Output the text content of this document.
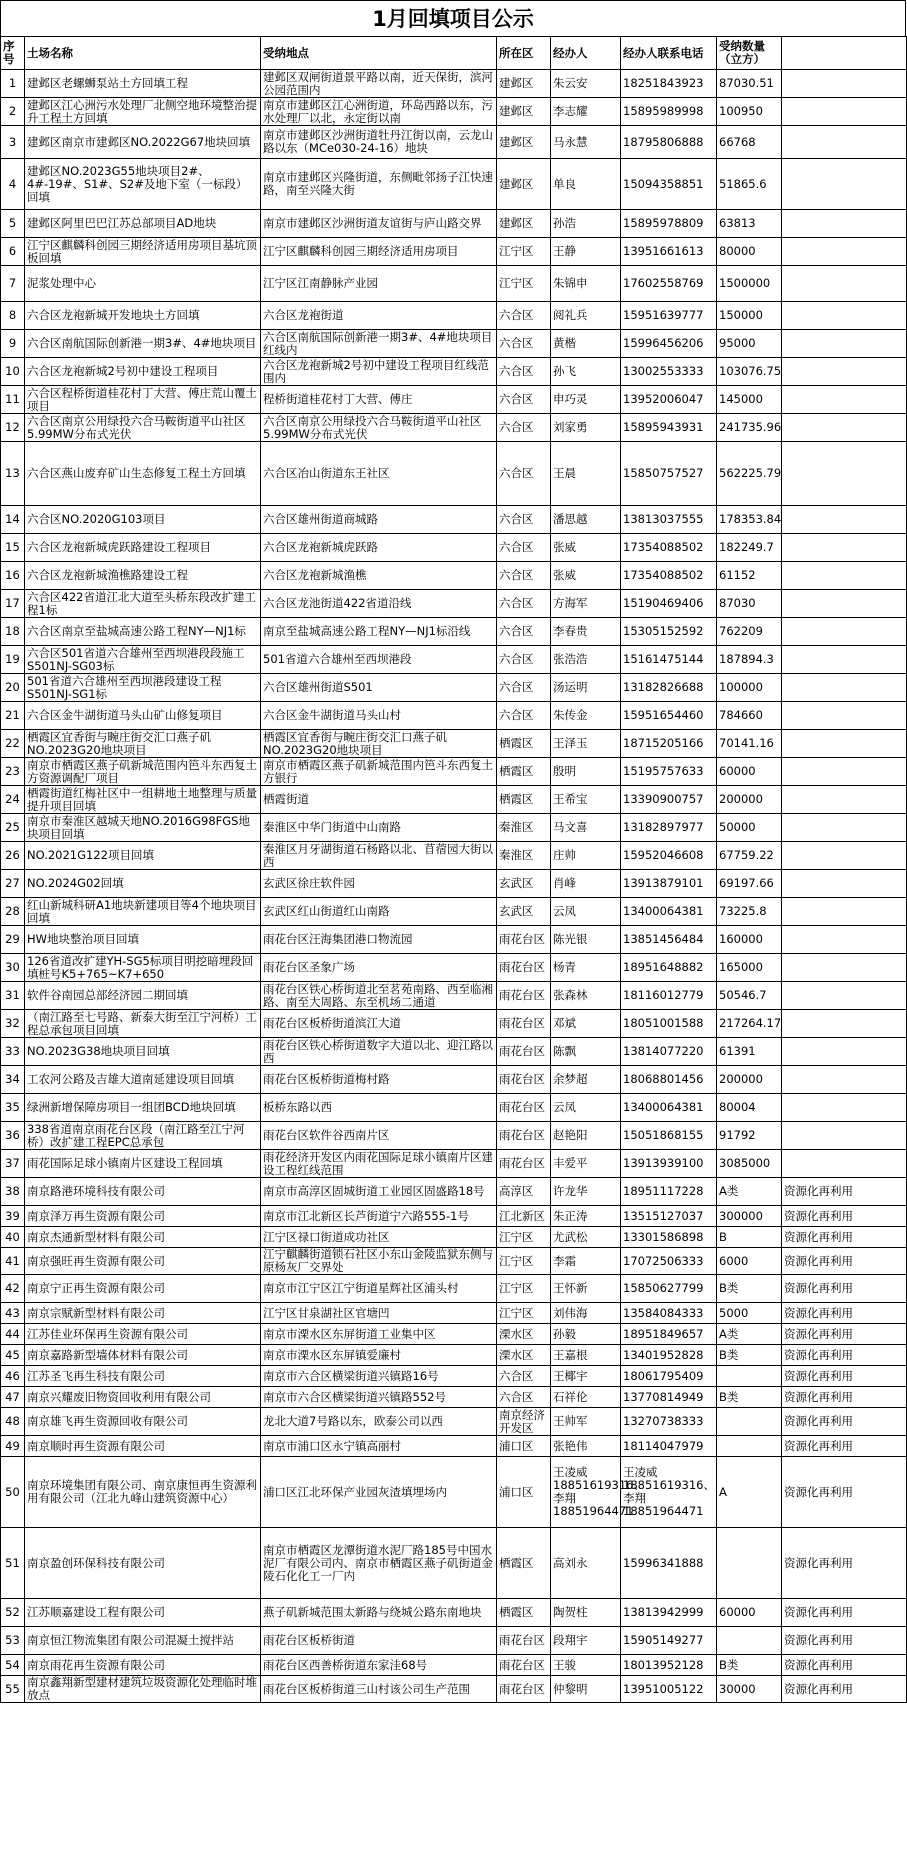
1月回填项目公示
序号	土场名称	受纳地点	所在区	经办人	经办人联系电话	受纳数量（立方）	
1	建邺区老螺蛳泵站土方回填工程	建邺区双闸街道景平路以南，近天保街，滨河公园范围内	建邺区	朱云安	18251843923	87030.51	
2	建邺区江心洲污水处理厂北侧空地环境整治提升工程土方回填	南京市建邺区江心洲街道，环岛西路以东，污水处理厂以北，永定街以南	建邺区	李志耀	15895989998	100950	
3	建邺区南京市建邺区NO.2022G67地块回填	南京市建邺区沙洲街道牡丹江街以南，云龙山路以东（MCe030-24-16）地块	建邺区	马永慧	18795806888	66768	
4	建邺区NO.2023G55地块项目2#、4#-19#、S1#、S2#及地下室（一标段）回填	南京市建邺区兴隆街道，东侧毗邻扬子江快速路，南至兴隆大街	建邺区	单良	15094358851	51865.6	
5	建邺区阿里巴巴江苏总部项目AD地块	南京市建邺区沙洲街道友谊街与庐山路交界	建邺区	孙浩	15895978809	63813	
6	江宁区麒麟科创园三期经济适用房项目基坑顶板回填	江宁区麒麟科创园三期经济适用房项目	江宁区	王静	13951661613	80000	
7	泥浆处理中心	江宁区江南静脉产业园	江宁区	朱锦申	17602558769	1500000	
8	六合区龙袍新城开发地块土方回填	六合区龙袍街道	六合区	阅礼兵	15951639777	150000	
9	六合区南航国际创新港一期3#、4#地块项目	六合区南航国际创新港一期3#、4#地块项目红线内	六合区	黄楷	15996456206	95000	
10	六合区龙袍新城2号初中建设工程项目	六合区龙袍新城2号初中建设工程项目红线范围内	六合区	孙飞	13002553333	103076.75	
11	六合区程桥街道桂花村丁大营、傅庄荒山覆土项目	程桥街道桂花村丁大营、傅庄	六合区	申巧灵	13952006047	145000	
12	六合区南京公用绿投六合马鞍街道平山社区5.99MW分布式光伏	六合区南京公用绿投六合马鞍街道平山社区5.99MW分布式光伏	六合区	刘家勇	15895943931	241735.96	
13	六合区燕山废弃矿山生态修复工程土方回填	六合区冶山街道东王社区	六合区	王晨	15850757527	562225.79	
14	六合区NO.2020G103项目	六合区雄州街道商城路	六合区	潘思越	13813037555	178353.84	
15	六合区龙袍新城虎跃路建设工程项目	六合区龙袍新城虎跃路	六合区	张威	17354088502	182249.7	
16	六合区龙袍新城渔樵路建设工程	六合区龙袍新城渔樵	六合区	张威	17354088502	61152	
17	六合区422省道江北大道至头桥东段改扩建工程1标	六合区龙池街道422省道沿线	六合区	方海军	15190469406	87030	
18	六合区南京至盐城高速公路工程NY—NJ1标	南京至盐城高速公路工程NY—NJ1标沿线	六合区	李春贵	15305152592	762209	
19	六合区501省道六合雄州至西坝港段段施工S501NJ-SG03标	501省道六合雄州至西坝港段	六合区	张浩浩	15161475144	187894.3	
20	501省道六合雄州至西坝港段建设工程S501NJ-SG1标	六合区雄州街道S501	六合区	汤运明	13182826688	100000	
21	六合区金牛湖街道马头山矿山修复项目	六合区金牛湖街道马头山村	六合区	朱传金	15951654460	784660	
22	栖霞区宜香街与畹庄街交汇口燕子矶NO.2023G20地块项目	栖霞区宜香街与畹庄街交汇口燕子矶NO.2023G20地块项目	栖霞区	王泽玉	18715205166	70141.16	
23	南京市栖霞区燕子矶新城范围内笆斗东西复土方资源调配厂项目	南京市栖霞区燕子矶新城范围内笆斗东西复土方银行	栖霞区	殷明	15195757633	60000	
24	栖霞街道红梅社区中一组耕地土地整理与质量提升项目回填	栖霞街道	栖霞区	王希宝	13390900757	200000	
25	南京市秦淮区越城天地NO.2016G98FGS地块项目回填	秦淮区中华门街道中山南路	秦淮区	马文喜	13182897977	50000	
26	NO.2021G122项目回填	秦淮区月牙湖街道石杨路以北、苜蓿园大街以西	秦淮区	庄帅	15952046608	67759.22	
27	NO.2024G02回填	玄武区徐庄软件园	玄武区	肖峰	13913879101	69197.66	
28	红山新城科研A1地块新建项目等4个地块项目回填	玄武区红山街道红山南路	玄武区	云凤	13400064381	73225.8	
29	HW地块整治项目回填	雨花台区汪海集团港口物流园	雨花台区	陈光银	13851456484	160000	
30	126省道改扩建YH-SG5标项目明挖暗埋段回填桩号K5+765~K7+650	雨花台区圣象广场	雨花台区	杨青	18951648882	165000	
31	软件谷南园总部经济园二期回填	雨花台区铁心桥街道北至茗苑南路、西至临湘路、南至大周路、东至机场二通道	雨花台区	张森林	18116012779	50546.7	
32	（南江路至七号路、新泰大街至江宁河桥）工程总承包项目回填	雨花台区板桥街道滨江大道	雨花台区	邓斌	18051001588	217264.17	
33	NO.2023G38地块项目回填	雨花台区铁心桥街道数字大道以北、迎江路以西	雨花台区	陈飘	13814077220	61391	
34	工农河公路及吉雄大道南延建设项目回填	雨花台区板桥街道梅村路	雨花台区	余梦超	18068801456	200000	
35	绿洲新增保障房项目一组团BCD地块回填	板桥东路以西	雨花台区	云凤	13400064381	80004	
36	338省道南京雨花台区段（南江路至江宁河桥）改扩建工程EPC总承包	雨花台区软件谷西南片区	雨花台区	赵艳阳	15051868155	91792	
37	雨花国际足球小镇南片区建设工程回填	雨花经济开发区内雨花国际足球小镇南片区建设工程红线范围	雨花台区	丰爱平	13913939100	3085000	
38	南京路港环境科技有限公司	南京市高淳区固城街道工业园区固盛路18号	高淳区	许龙华	18951117228	A类	资源化再利用
39	南京泽万再生资源有限公司	南京市江北新区长芦街道宁六路555-1号	江北新区	朱正涛	13515127037	300000	资源化再利用
40	南京杰通新型材料有限公司	江宁区禄口街道成功社区	江宁区	尤武松	13301586898	B	资源化再利用
41	南京强旺再生资源有限公司	江宁麒麟街道锁石社区小东山金陵监狱东侧与原杨灰厂交界处	江宁区	李霜	17072506333	6000	资源化再利用
42	南京宁正再生资源有限公司	南京市江宁区江宁街道星辉社区浦头村	江宁区	王怀新	15850627799	B类	资源化再利用
43	南京宗赋新型材料有限公司	江宁区甘泉湖社区官塘凹	江宁区	刘伟海	13584084333	5000	资源化再利用
44	江苏佳业环保再生资源有限公司	南京市溧水区东屏街道工业集中区	溧水区	孙毅	18951849657	A类	资源化再利用
45	南京嘉路新型墙体材料有限公司	南京市溧水区东屏镇爱廉村	溧水区	王嘉根	13401952828	B类	资源化再利用
46	江苏圣飞再生科技有限公司	南京市六合区横梁街道兴镇路16号	六合区	王椰宇	18061795409		资源化再利用
47	南京兴耀废旧物资回收利用有限公司	南京市六合区横梁街道兴镇路552号	六合区	石祥伦	13770814949	B类	资源化再利用
48	南京雄飞再生资源回收有限公司	龙北大道7号路以东，欧泰公司以西	南京经济开发区	王帅军	13270738333		资源化再利用
49	南京顺时再生资源有限公司	南京市浦口区永宁镇高丽村	浦口区	张艳伟	18114047979		资源化再利用
50	南京环境集团有限公司、南京康恒再生资源利用有限公司（江北九峰山建筑资源中心）	浦口区江北环保产业园灰渣填埋场内	浦口区	王凌威18851619316、李翔18851964471	王凌威18851619316、李翔18851964471	A	资源化再利用
51	南京盈创环保科技有限公司	南京市栖霞区龙潭街道水泥厂路185号中国水泥厂有限公司内、南京市栖霞区燕子矶街道金陵石化化工一厂内	栖霞区	高刘永	15996341888		资源化再利用
52	江苏顺嘉建设工程有限公司	燕子矶新城范围太新路与绕城公路东南地块	栖霞区	陶贺柱	13813942999	60000	资源化再利用
53	南京恒江物流集团有限公司混凝土搅拌站	雨花台区板桥街道	雨花台区	段翔宇	15905149277		资源化再利用
54	南京雨花再生资源有限公司	雨花台区西善桥街道东家洼68号	雨花台区	王骏	18013952128	B类	资源化再利用
55	南京鑫翔新型建材建筑垃圾资源化处理临时堆放点	雨花台区板桥街道三山村该公司生产范围	雨花台区	仲黎明	13951005122	30000	资源化再利用
